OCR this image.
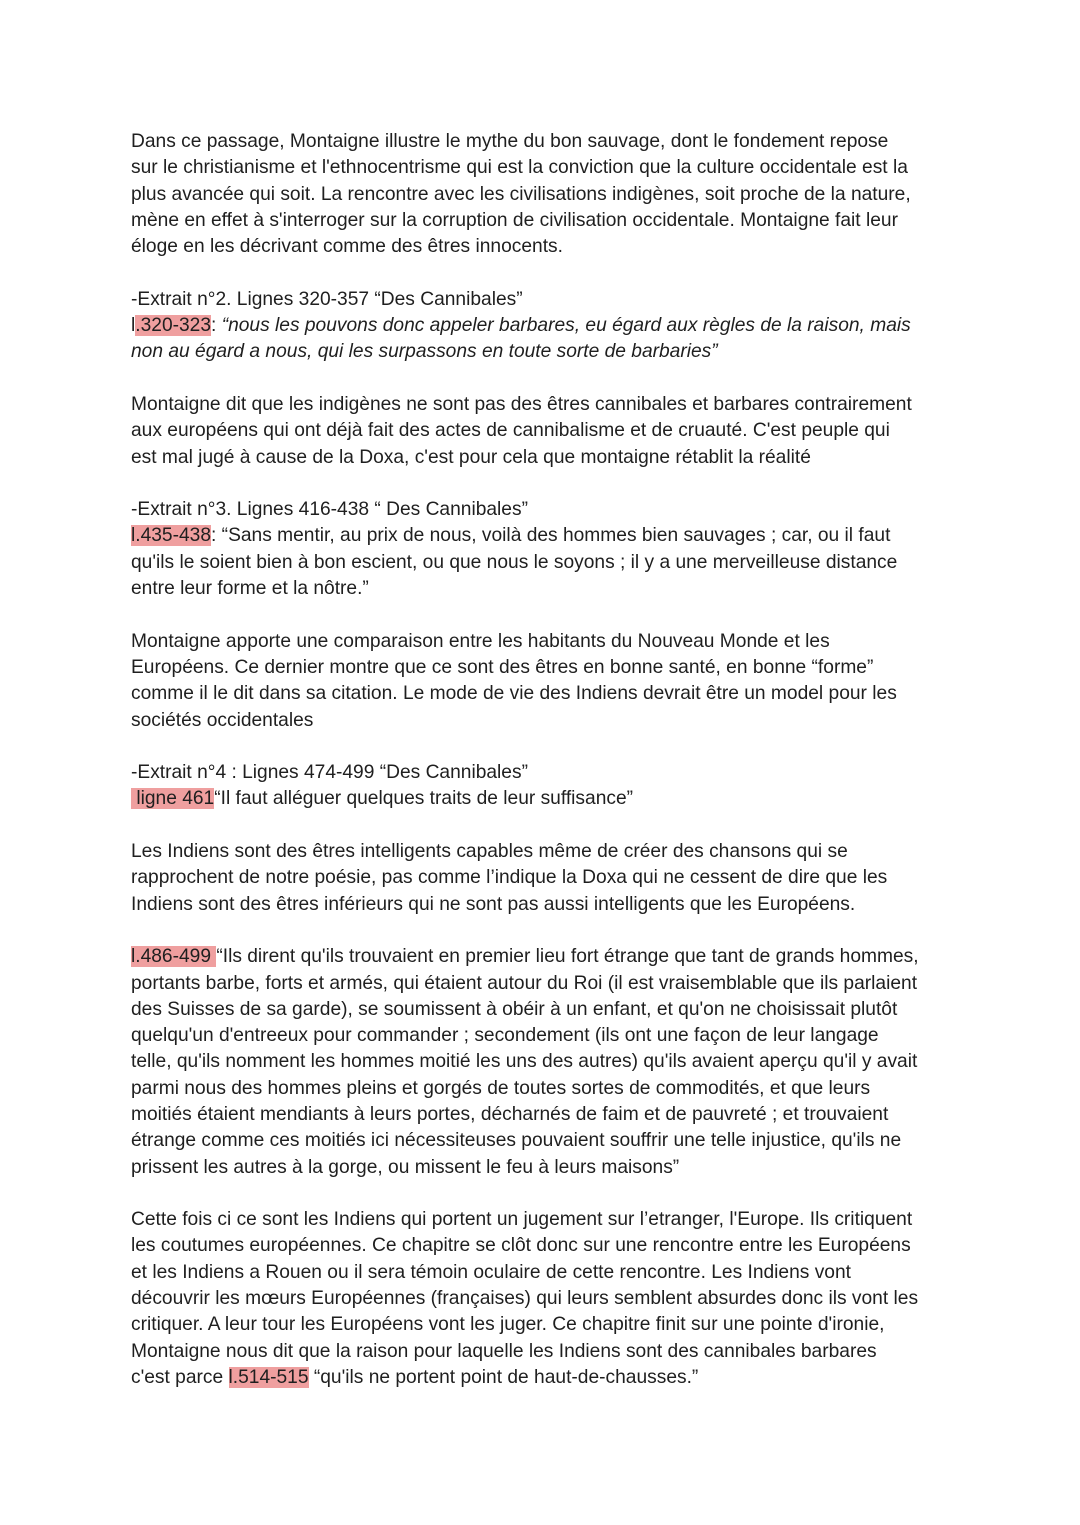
Dans ce passage, Montaigne illustre le mythe du bon sauvage, dont le fondement repose
sur le christianisme et l'ethnocentrisme qui est la conviction que la culture occidentale est la
plus avancée qui soit. La rencontre avec les civilisations indigènes, soit proche de la nature,
mène en effet à s'interroger sur la corruption de civilisation occidentale. Montaigne fait leur
éloge en les décrivant comme des êtres innocents.
-Extrait n°2. Lignes 320-357 “Des Cannibales”
l.320-323: “nous les pouvons donc appeler barbares, eu égard aux règles de la raison, mais
non au égard a nous, qui les surpassons en toute sorte de barbaries”
Montaigne dit que les indigènes ne sont pas des êtres cannibales et barbares contrairement
aux européens qui ont déjà fait des actes de cannibalisme et de cruauté. C'est peuple qui
est mal jugé à cause de la Doxa, c'est pour cela que montaigne rétablit la réalité
-Extrait n°3. Lignes 416-438 “ Des Cannibales”
l.435-438: “Sans mentir, au prix de nous, voilà des hommes bien sauvages ; car, ou il faut
qu'ils le soient bien à bon escient, ou que nous le soyons ; il y a une merveilleuse distance
entre leur forme et la nôtre.”
Montaigne apporte une comparaison entre les habitants du Nouveau Monde et les
Européens. Ce dernier montre que ce sont des êtres en bonne santé, en bonne “forme”
comme il le dit dans sa citation. Le mode de vie des Indiens devrait être un model pour les
sociétés occidentales
-Extrait n°4 : Lignes 474-499 “Des Cannibales”
ligne 461“Il faut alléguer quelques traits de leur suffisance”
Les Indiens sont des êtres intelligents capables même de créer des chansons qui se
rapprochent de notre poésie, pas comme l’indique la Doxa qui ne cessent de dire que les
Indiens sont des êtres inférieurs qui ne sont pas aussi intelligents que les Européens.
l.486-499 “Ils dirent qu'ils trouvaient en premier lieu fort étrange que tant de grands hommes,
portants barbe, forts et armés, qui étaient autour du Roi (il est vraisemblable que ils parlaient
des Suisses de sa garde), se soumissent à obéir à un enfant, et qu'on ne choisissait plutôt
quelqu'un d'entreeux pour commander ; secondement (ils ont une façon de leur langage
telle, qu'ils nomment les hommes moitié les uns des autres) qu'ils avaient aperçu qu'il y avait
parmi nous des hommes pleins et gorgés de toutes sortes de commodités, et que leurs
moitiés étaient mendiants à leurs portes, décharnés de faim et de pauvreté ; et trouvaient
étrange comme ces moitiés ici nécessiteuses pouvaient souffrir une telle injustice, qu'ils ne
prissent les autres à la gorge, ou missent le feu à leurs maisons”
Cette fois ci ce sont les Indiens qui portent un jugement sur l’etranger, l'Europe. Ils critiquent
les coutumes européennes. Ce chapitre se clôt donc sur une rencontre entre les Européens
et les Indiens a Rouen ou il sera témoin oculaire de cette rencontre. Les Indiens vont
découvrir les mœurs Européennes (françaises) qui leurs semblent absurdes donc ils vont les
critiquer. A leur tour les Européens vont les juger. Ce chapitre finit sur une pointe d'ironie,
Montaigne nous dit que la raison pour laquelle les Indiens sont des cannibales barbares
c'est parce l.514-515 “qu'ils ne portent point de haut-de-chausses.”
